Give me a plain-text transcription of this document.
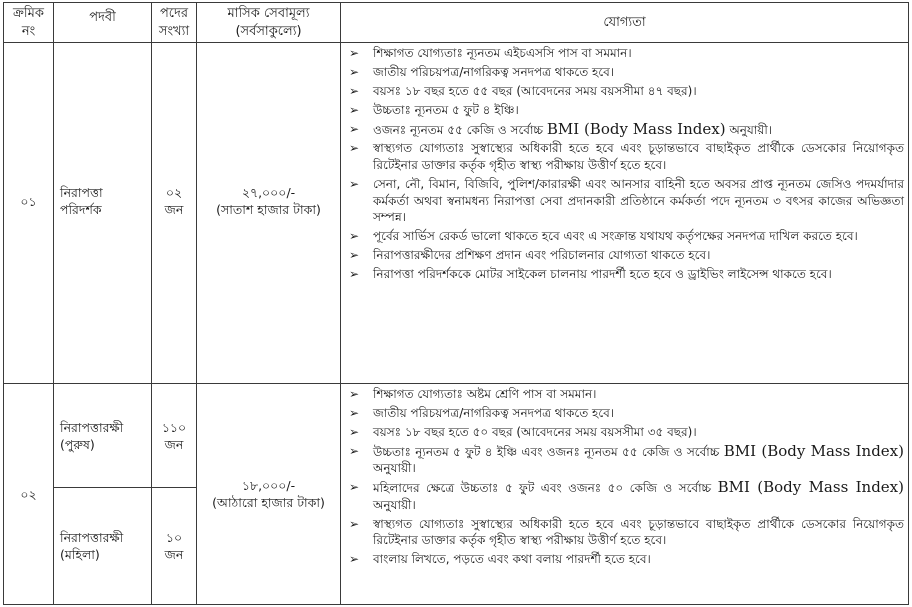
ক্রমিক
নং
পদবী	পদের
সংখ্যা
মাসিক সেবামূল্য
(সর্বসাকুল্যে)
যোগ্যতা
০১
নিরাপত্তা
পরিদর্শক
০২
জন
২৭,০০০/-
(সাতাশ হাজার টাকা)
➢ শিক্ষাগত যোগ্যতাঃ ন্যূনতম এইচএসসি পাস বা সমমান।
➢ জাতীয় পরিচয়পত্র/নাগরিকত্ব সনদপত্র থাকতে হবে।
➢ বয়সঃ ১৮ বছর হতে ৫৫ বছর (আবেদনের সময় বয়সসীমা ৪৭ বছর)।
➢ উচ্চতাঃ ন্যূনতম ৫ ফুট ৪ ইঞ্চি।
➢ ওজনঃ ন্যূনতম ৫৫ কেজি ও সর্বোচ্চ BMI (Body Mass Index) অনুযায়ী।
➢ স্বাস্থ্যগত যোগ্যতাঃ সুস্বাস্থ্যের অধিকারী হতে হবে এবং চূড়ান্তভাবে বাছাইকৃত প্রার্থীকে ডেসকোর নিয়োগকৃত রিটেইনার ডাক্তার কর্তৃক গৃহীত স্বাস্থ্য পরীক্ষায় উত্তীর্ণ হতে হবে।
➢ সেনা, নৌ, বিমান, বিজিবি, পুলিশ/কারারক্ষী এবং আনসার বাহিনী হতে অবসর প্রাপ্ত ন্যূনতম জেসিও পদমর্যাদার কর্মকর্তা অথবা স্বনামধন্য নিরাপত্তা সেবা প্রদানকারী প্রতিষ্ঠানে কর্মকর্তা পদে ন্যূনতম ৩ বৎসর কাজের অভিজ্ঞতা সম্পন্ন।
➢ পূর্বের সার্ভিস রেকর্ড ভালো থাকতে হবে এবং এ সংক্রান্ত যথাযথ কর্তৃপক্ষের সনদপত্র দাখিল করতে হবে।
➢ নিরাপত্তারক্ষীদের প্রশিক্ষণ প্রদান এবং পরিচালনার যোগ্যতা থাকতে হবে।
➢ নিরাপত্তা পরিদর্শককে মোটর সাইকেল চালনায় পারদর্শী হতে হবে ও ড্রাইভিং লাইসেন্স থাকতে হবে।
০২
নিরাপত্তারক্ষী
(পুরুষ)
১১০
জন
নিরাপত্তারক্ষী
(মহিলা)
১০
জন
১৮,০০০/-
(আঠারো হাজার টাকা)
➢ শিক্ষাগত যোগ্যতাঃ অষ্টম শ্রেণি পাস বা সমমান।
➢ জাতীয় পরিচয়পত্র/নাগরিকত্ব সনদপত্র থাকতে হবে।
➢ বয়সঃ ১৮ বছর হতে ৫০ বছর (আবেদনের সময় বয়সসীমা ৩৫ বছর)।
➢ উচ্চতাঃ ন্যূনতম ৫ ফুট ৪ ইঞ্চি এবং ওজনঃ ন্যূনতম ৫৫ কেজি ও সর্বোচ্চ BMI (Body Mass Index) অনুযায়ী।
➢ মহিলাদের ক্ষেত্রে উচ্চতাঃ ৫ ফুট এবং ওজনঃ ৫০ কেজি ও সর্বোচ্চ BMI (Body Mass Index) অনুযায়ী।
➢ স্বাস্থ্যগত যোগ্যতাঃ সুস্বাস্থ্যের অধিকারী হতে হবে এবং চূড়ান্তভাবে বাছাইকৃত প্রার্থীকে ডেসকোর নিয়োগকৃত রিটেইনার ডাক্তার কর্তৃক গৃহীত স্বাস্থ্য পরীক্ষায় উত্তীর্ণ হতে হবে।
➢ বাংলায় লিখতে, পড়তে এবং কথা বলায় পারদর্শী হতে হবে।
